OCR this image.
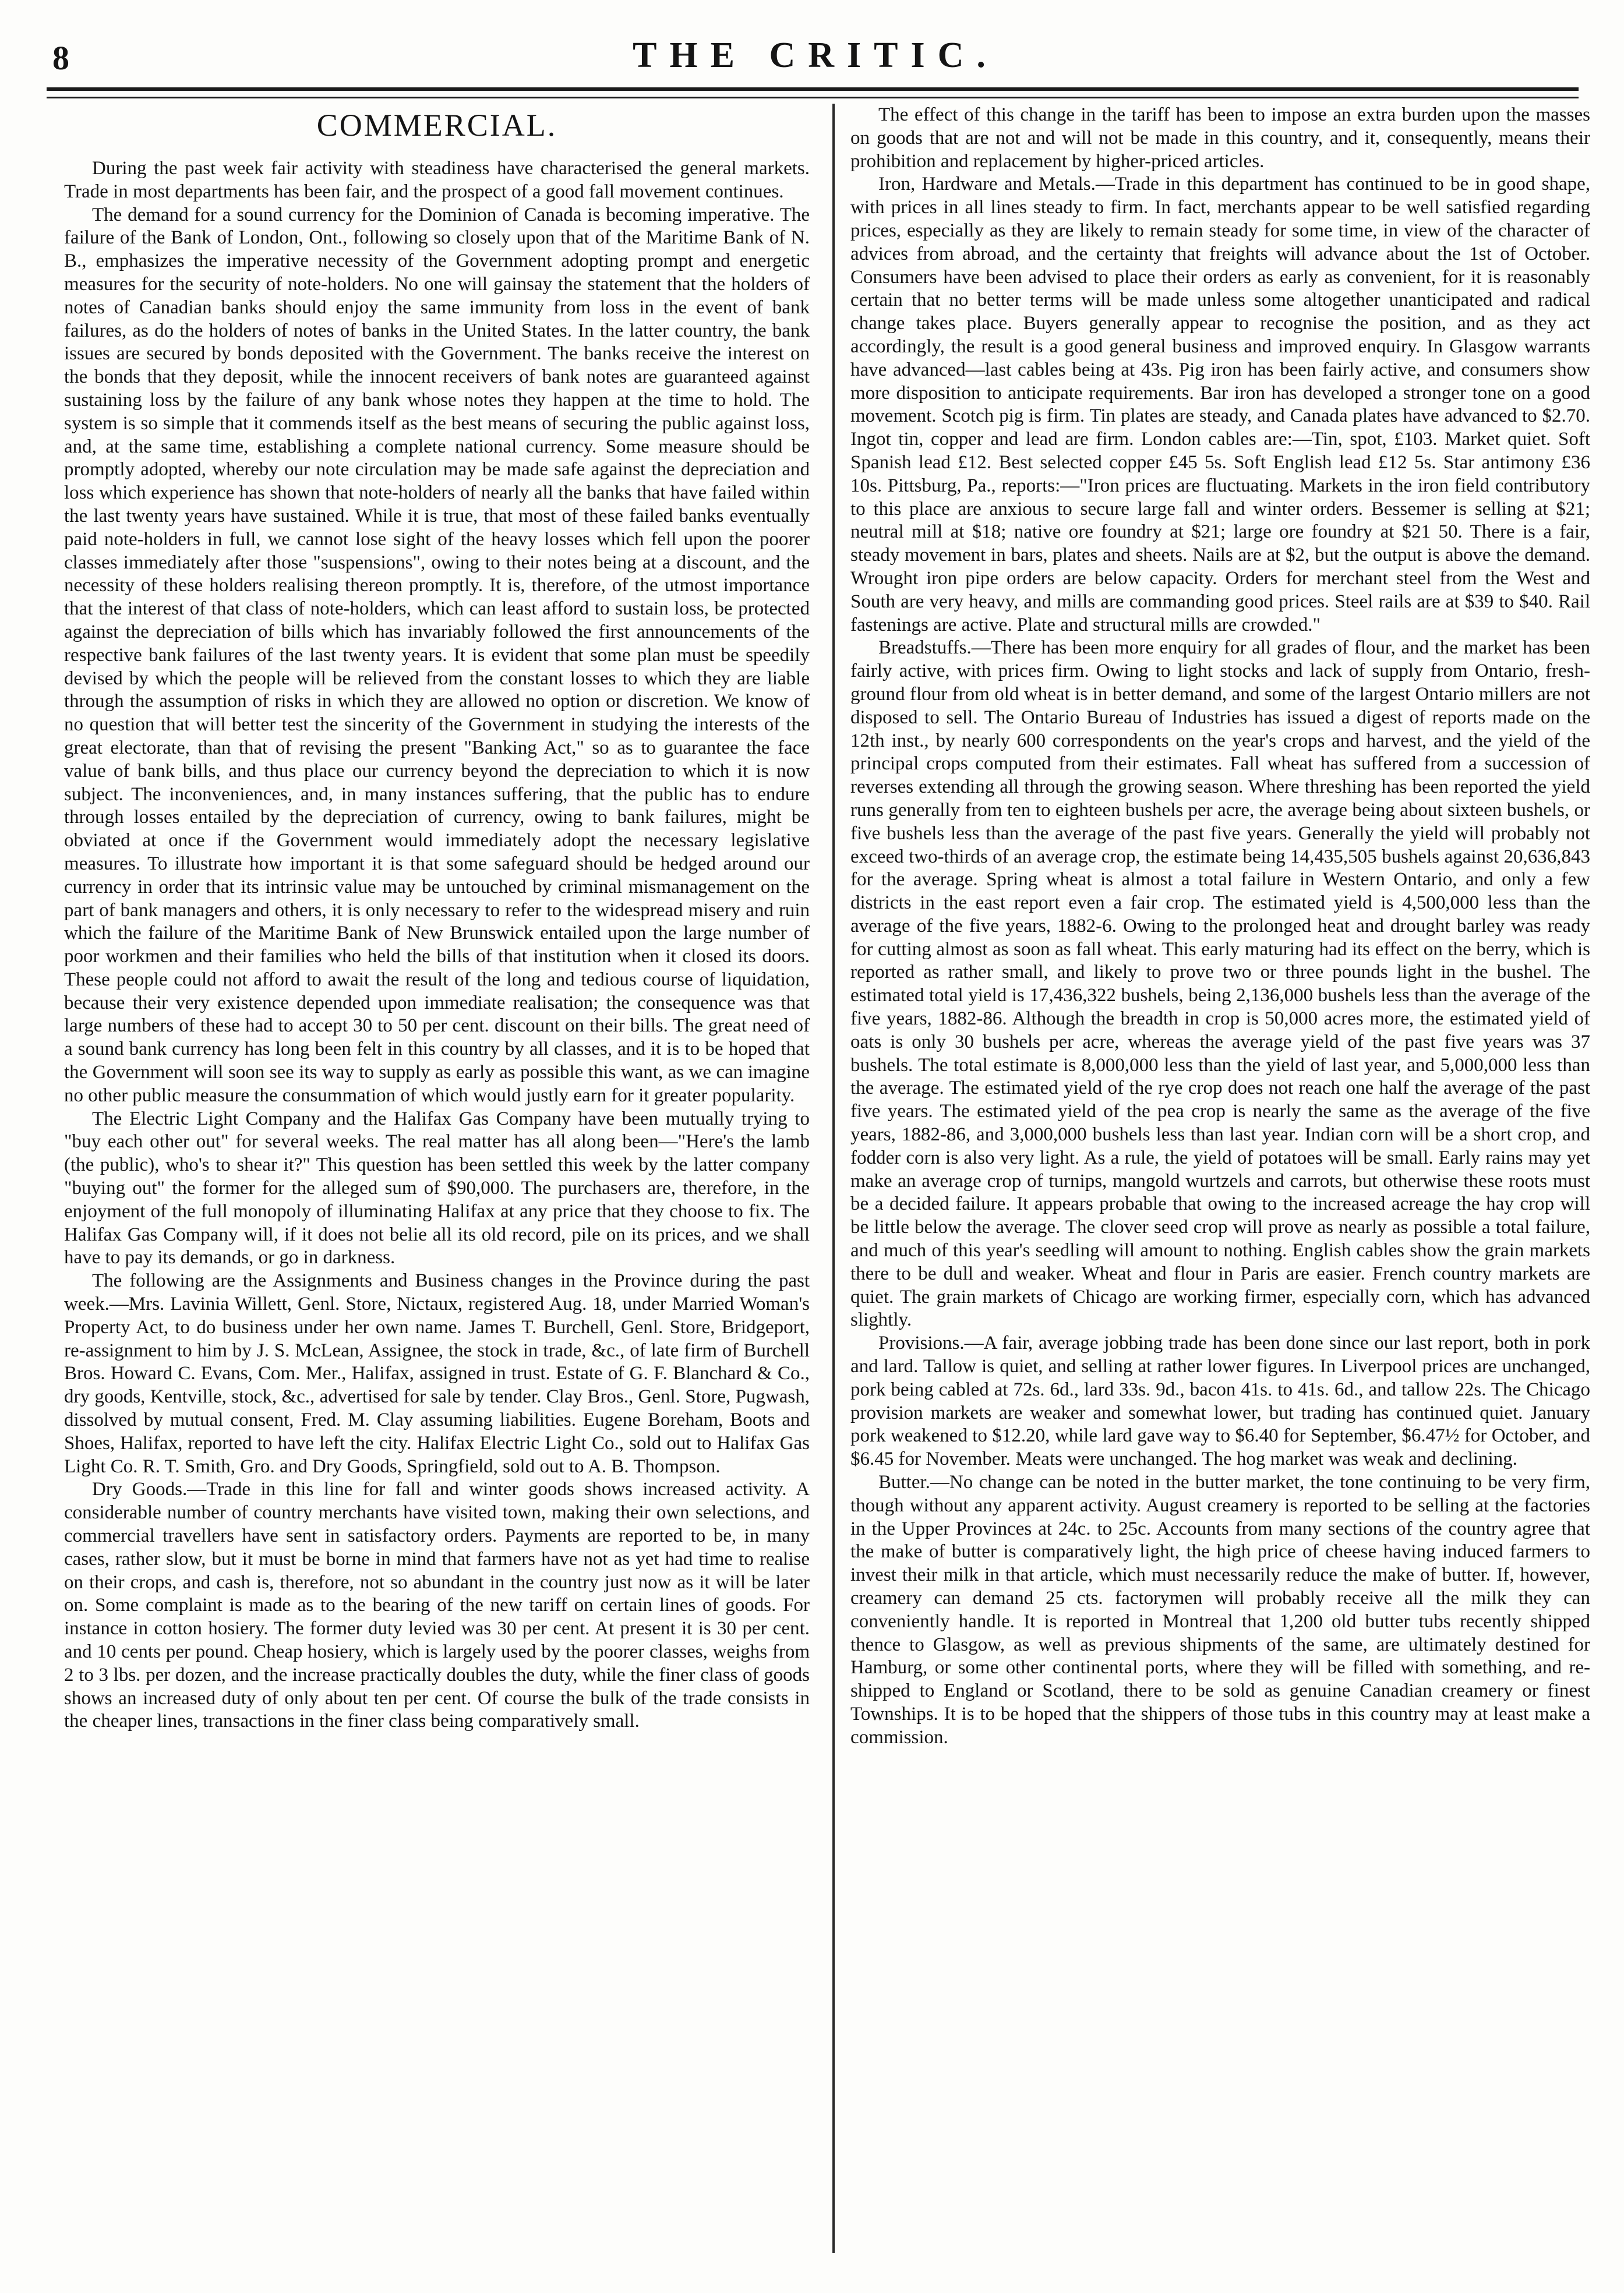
8	THE CRITIC.
COMMERCIAL.

During the past week fair activity with steadiness have characterised the general markets. Trade in most departments has been fair, and the prospect of a good fall movement continues.

The demand for a sound currency for the Dominion of Canada is becoming imperative. The failure of the Bank of London, Ont., following so closely upon that of the Maritime Bank of N. B., emphasizes the imperative necessity of the Government adopting prompt and energetic measures for the security of note-holders. No one will gainsay the statement that the holders of notes of Canadian banks should enjoy the same immunity from loss in the event of bank failures, as do the holders of notes of banks in the United States. In the latter country, the bank issues are secured by bonds deposited with the Government. The banks receive the interest on the bonds that they deposit, while the innocent receivers of bank notes are guaranteed against sustaining loss by the failure of any bank whose notes they happen at the time to hold. The system is so simple that it commends itself as the best means of securing the public against loss, and, at the same time, establishing a complete national currency. Some measure should be promptly adopted, whereby our note circulation may be made safe against the depreciation and loss which experience has shown that note-holders of nearly all the banks that have failed within the last twenty years have sustained. While it is true, that most of these failed banks eventually paid note-holders in full, we cannot lose sight of the heavy losses which fell upon the poorer classes immediately after those "suspensions", owing to their notes being at a discount, and the necessity of these holders realising thereon promptly. It is, therefore, of the utmost importance that the interest of that class of note-holders, which can least afford to sustain loss, be protected against the depreciation of bills which has invariably followed the first announcements of the respective bank failures of the last twenty years. It is evident that some plan must be speedily devised by which the people will be relieved from the constant losses to which they are liable through the assumption of risks in which they are allowed no option or discretion. We know of no question that will better test the sincerity of the Government in studying the interests of the great electorate, than that of revising the present "Banking Act," so as to guarantee the face value of bank bills, and thus place our currency beyond the depreciation to which it is now subject. The inconveniences, and, in many instances suffering, that the public has to endure through losses entailed by the depreciation of currency, owing to bank failures, might be obviated at once if the Government would immediately adopt the necessary legislative measures. To illustrate how important it is that some safeguard should be hedged around our currency in order that its intrinsic value may be untouched by criminal mismanagement on the part of bank managers and others, it is only necessary to refer to the widespread misery and ruin which the failure of the Maritime Bank of New Brunswick entailed upon the large number of poor workmen and their families who held the bills of that institution when it closed its doors. These people could not afford to await the result of the long and tedious course of liquidation, because their very existence depended upon immediate realisation; the consequence was that large numbers of these had to accept 30 to 50 per cent. discount on their bills. The great need of a sound bank currency has long been felt in this country by all classes, and it is to be hoped that the Government will soon see its way to supply as early as possible this want, as we can imagine no other public measure the consummation of which would justly earn for it greater popularity.

The Electric Light Company and the Halifax Gas Company have been mutually trying to "buy each other out" for several weeks. The real matter has all along been—"Here's the lamb (the public), who's to shear it?" This question has been settled this week by the latter company "buying out" the former for the alleged sum of $90,000. The purchasers are, therefore, in the enjoyment of the full monopoly of illuminating Halifax at any price that they choose to fix. The Halifax Gas Company will, if it does not belie all its old record, pile on its prices, and we shall have to pay its demands, or go in darkness.

The following are the Assignments and Business changes in the Province during the past week.—Mrs. Lavinia Willett, Genl. Store, Nictaux, registered Aug. 18, under Married Woman's Property Act, to do business under her own name. James T. Burchell, Genl. Store, Bridgeport, re-assignment to him by J. S. McLean, Assignee, the stock in trade, &c., of late firm of Burchell Bros. Howard C. Evans, Com. Mer., Halifax, assigned in trust. Estate of G. F. Blanchard & Co., dry goods, Kentville, stock, &c., advertised for sale by tender. Clay Bros., Genl. Store, Pugwash, dissolved by mutual consent, Fred. M. Clay assuming liabilities. Eugene Boreham, Boots and Shoes, Halifax, reported to have left the city. Halifax Electric Light Co., sold out to Halifax Gas Light Co. R. T. Smith, Gro. and Dry Goods, Springfield, sold out to A. B. Thompson.

Dry Goods.—Trade in this line for fall and winter goods shows increased activity. A considerable number of country merchants have visited town, making their own selections, and commercial travellers have sent in satisfactory orders. Payments are reported to be, in many cases, rather slow, but it must be borne in mind that farmers have not as yet had time to realise on their crops, and cash is, therefore, not so abundant in the country just now as it will be later on. Some complaint is made as to the bearing of the new tariff on certain lines of goods. For instance in cotton hosiery. The former duty levied was 30 per cent. At present it is 30 per cent. and 10 cents per pound. Cheap hosiery, which is largely used by the poorer classes, weighs from 2 to 3 lbs. per dozen, and the increase practically doubles the duty, while the finer class of goods shows an increased duty of only about ten per cent. Of course the bulk of the trade consists in the cheaper lines, transactions in the finer class being comparatively small.

The effect of this change in the tariff has been to impose an extra burden upon the masses on goods that are not and will not be made in this country, and it, consequently, means their prohibition and replacement by higher-priced articles.

Iron, Hardware and Metals.—Trade in this department has continued to be in good shape, with prices in all lines steady to firm. In fact, merchants appear to be well satisfied regarding prices, especially as they are likely to remain steady for some time, in view of the character of advices from abroad, and the certainty that freights will advance about the 1st of October. Consumers have been advised to place their orders as early as convenient, for it is reasonably certain that no better terms will be made unless some altogether unanticipated and radical change takes place. Buyers generally appear to recognise the position, and as they act accordingly, the result is a good general business and improved enquiry. In Glasgow warrants have advanced—last cables being at 43s. Pig iron has been fairly active, and consumers show more disposition to anticipate requirements. Bar iron has developed a stronger tone on a good movement. Scotch pig is firm. Tin plates are steady, and Canada plates have advanced to $2.70. Ingot tin, copper and lead are firm. London cables are:—Tin, spot, £103. Market quiet. Soft Spanish lead £12. Best selected copper £45 5s. Soft English lead £12 5s. Star antimony £36 10s. Pittsburg, Pa., reports:—"Iron prices are fluctuating. Markets in the iron field contributory to this place are anxious to secure large fall and winter orders. Bessemer is selling at $21; neutral mill at $18; native ore foundry at $21; large ore foundry at $21 50. There is a fair, steady movement in bars, plates and sheets. Nails are at $2, but the output is above the demand. Wrought iron pipe orders are below capacity. Orders for merchant steel from the West and South are very heavy, and mills are commanding good prices. Steel rails are at $39 to $40. Rail fastenings are active. Plate and structural mills are crowded."

Breadstuffs.—There has been more enquiry for all grades of flour, and the market has been fairly active, with prices firm. Owing to light stocks and lack of supply from Ontario, fresh-ground flour from old wheat is in better demand, and some of the largest Ontario millers are not disposed to sell. The Ontario Bureau of Industries has issued a digest of reports made on the 12th inst., by nearly 600 correspondents on the year's crops and harvest, and the yield of the principal crops computed from their estimates. Fall wheat has suffered from a succession of reverses extending all through the growing season. Where threshing has been reported the yield runs generally from ten to eighteen bushels per acre, the average being about sixteen bushels, or five bushels less than the average of the past five years. Generally the yield will probably not exceed two-thirds of an average crop, the estimate being 14,435,505 bushels against 20,636,843 for the average. Spring wheat is almost a total failure in Western Ontario, and only a few districts in the east report even a fair crop. The estimated yield is 4,500,000 less than the average of the five years, 1882-6. Owing to the prolonged heat and drought barley was ready for cutting almost as soon as fall wheat. This early maturing had its effect on the berry, which is reported as rather small, and likely to prove two or three pounds light in the bushel. The estimated total yield is 17,436,322 bushels, being 2,136,000 bushels less than the average of the five years, 1882-86. Although the breadth in crop is 50,000 acres more, the estimated yield of oats is only 30 bushels per acre, whereas the average yield of the past five years was 37 bushels. The total estimate is 8,000,000 less than the yield of last year, and 5,000,000 less than the average. The estimated yield of the rye crop does not reach one half the average of the past five years. The estimated yield of the pea crop is nearly the same as the average of the five years, 1882-86, and 3,000,000 bushels less than last year. Indian corn will be a short crop, and fodder corn is also very light. As a rule, the yield of potatoes will be small. Early rains may yet make an average crop of turnips, mangold wurtzels and carrots, but otherwise these roots must be a decided failure. It appears probable that owing to the increased acreage the hay crop will be little below the average. The clover seed crop will prove as nearly as possible a total failure, and much of this year's seedling will amount to nothing. English cables show the grain markets there to be dull and weaker. Wheat and flour in Paris are easier. French country markets are quiet. The grain markets of Chicago are working firmer, especially corn, which has advanced slightly.

Provisions.—A fair, average jobbing trade has been done since our last report, both in pork and lard. Tallow is quiet, and selling at rather lower figures. In Liverpool prices are unchanged, pork being cabled at 72s. 6d., lard 33s. 9d., bacon 41s. to 41s. 6d., and tallow 22s. The Chicago provision markets are weaker and somewhat lower, but trading has continued quiet. January pork weakened to $12.20, while lard gave way to $6.40 for September, $6.47½ for October, and $6.45 for November. Meats were unchanged. The hog market was weak and declining.

Butter.—No change can be noted in the butter market, the tone continuing to be very firm, though without any apparent activity. August creamery is reported to be selling at the factories in the Upper Provinces at 24c. to 25c. Accounts from many sections of the country agree that the make of butter is comparatively light, the high price of cheese having induced farmers to invest their milk in that article, which must necessarily reduce the make of butter. If, however, creamery can demand 25 cts. factorymen will probably receive all the milk they can conveniently handle. It is reported in Montreal that 1,200 old butter tubs recently shipped thence to Glasgow, as well as previous shipments of the same, are ultimately destined for Hamburg, or some other continental ports, where they will be filled with something, and re-shipped to England or Scotland, there to be sold as genuine Canadian creamery or finest Townships. It is to be hoped that the shippers of those tubs in this country may at least make a commission.
